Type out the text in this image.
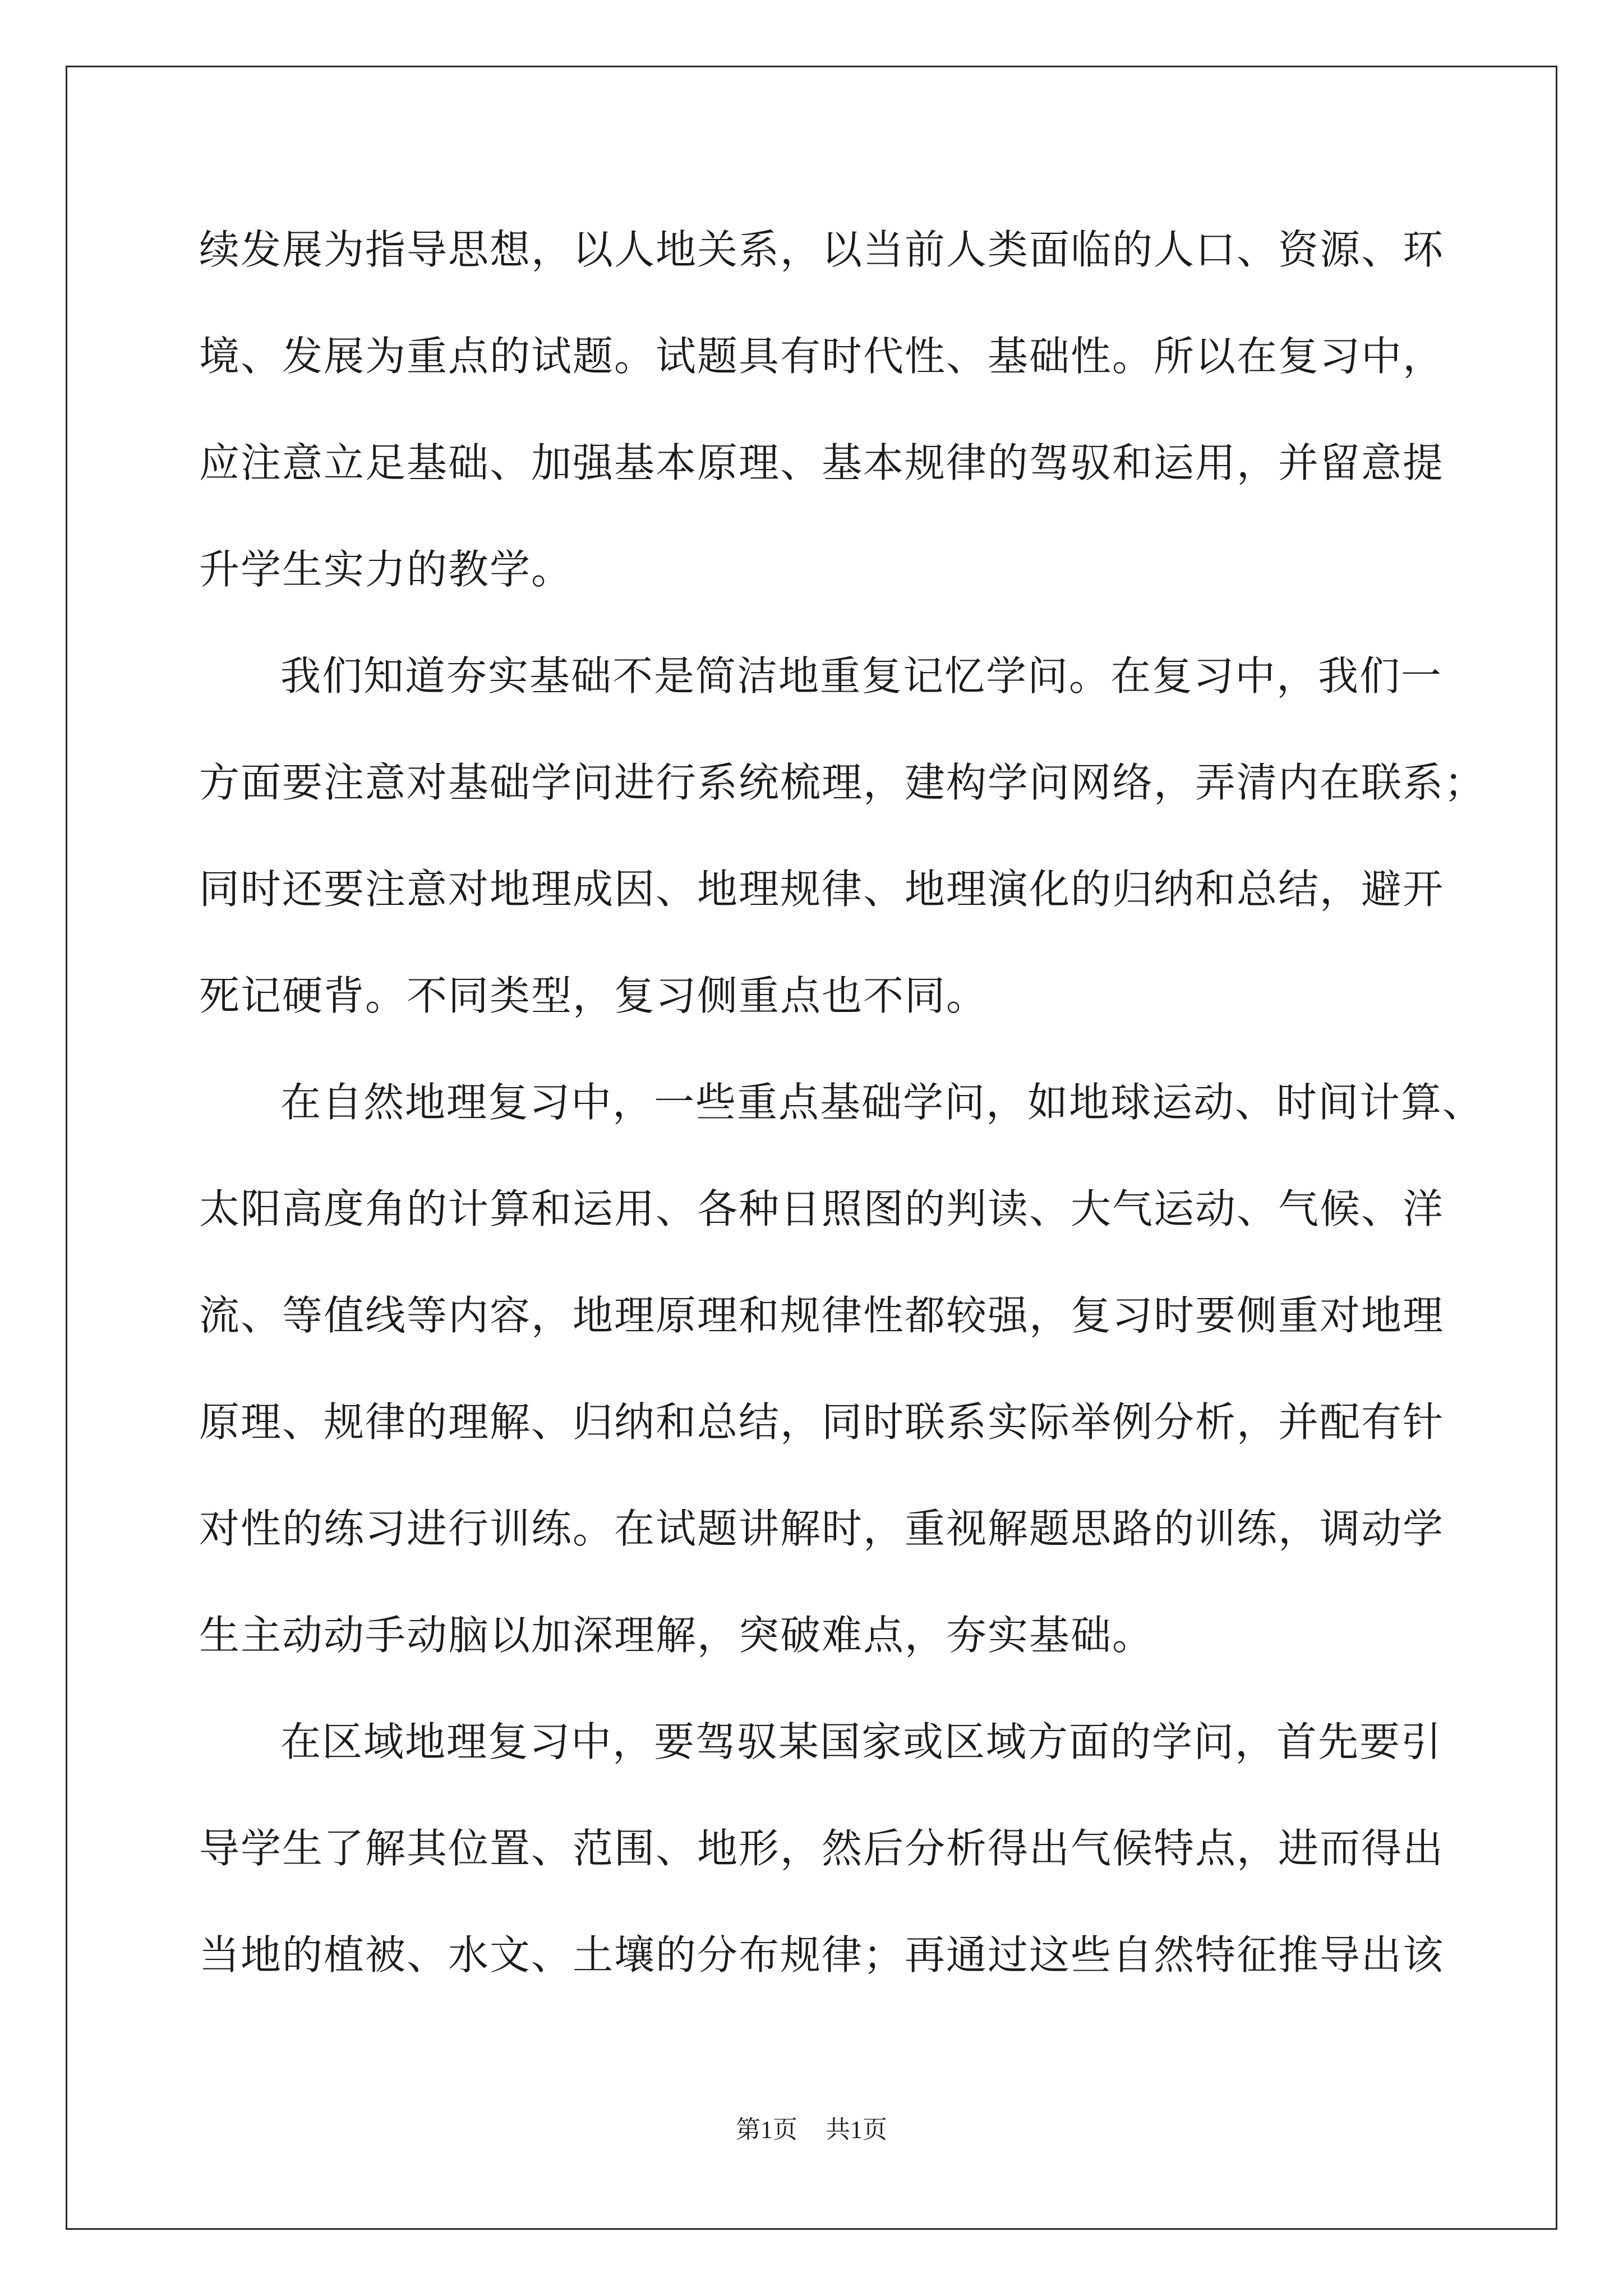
续发展为指导思想，以人地关系，以当前人类面临的人口、资源、环
境、发展为重点的试题。试题具有时代性、基础性。所以在复习中，
应注意立足基础、加强基本原理、基本规律的驾驭和运用，并留意提
升学生实力的教学。
我们知道夯实基础不是简洁地重复记忆学问。在复习中，我们一
方面要注意对基础学问进行系统梳理，建构学问网络，弄清内在联系；
同时还要注意对地理成因、地理规律、地理演化的归纳和总结，避开
死记硬背。不同类型，复习侧重点也不同。
在自然地理复习中，一些重点基础学问，如地球运动、时间计算、
太阳高度角的计算和运用、各种日照图的判读、大气运动、气候、洋
流、等值线等内容，地理原理和规律性都较强，复习时要侧重对地理
原理、规律的理解、归纳和总结，同时联系实际举例分析，并配有针
对性的练习进行训练。在试题讲解时，重视解题思路的训练，调动学
生主动动手动脑以加深理解，突破难点，夯实基础。
在区域地理复习中，要驾驭某国家或区域方面的学问，首先要引
导学生了解其位置、范围、地形，然后分析得出气候特点，进而得出
当地的植被、水文、土壤的分布规律；再通过这些自然特征推导出该
第1页 共1页
